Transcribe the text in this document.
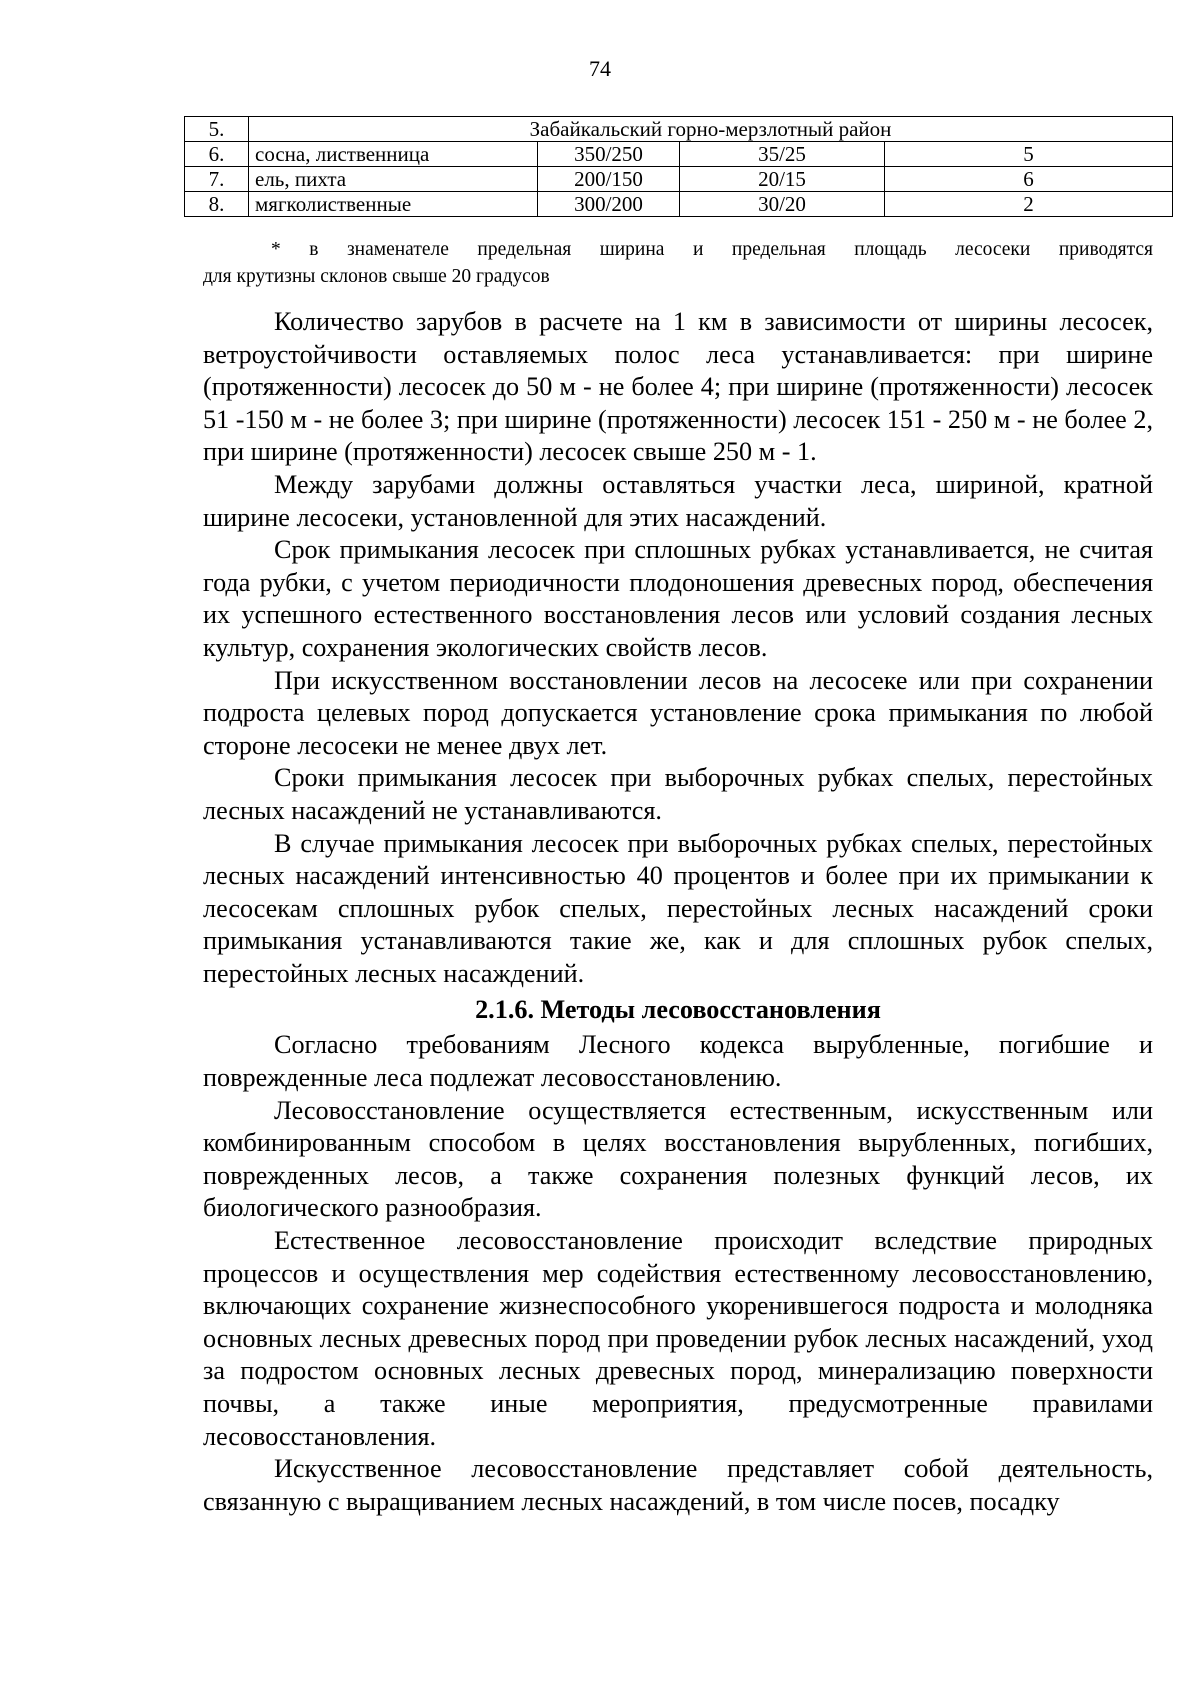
74
5.	Забайкальский горно-мерзлотный район			
6.	сосна, лиственница	350/250	35/25	5
7.	ель, пихта	200/150	20/15	6
8.	мягколиственные	300/200	30/20	2
* в знаменателе предельная ширина и предельная площадь лесосеки приводятся
для крутизны склонов свыше 20 градусов

Количество зарубов в расчете на 1 км в зависимости от ширины лесосек, ветроустойчивости оставляемых полос леса устанавливается: при ширине (протяженности) лесосек до 50 м - не более 4; при ширине (протяженности) лесосек 51 -150 м - не более 3; при ширине (протяженности) лесосек 151 - 250 м - не более 2, при ширине (протяженности) лесосек свыше 250 м - 1.

Между зарубами должны оставляться участки леса, шириной, кратной ширине лесосеки, установленной для этих насаждений.

Срок примыкания лесосек при сплошных рубках устанавливается, не считая года рубки, с учетом периодичности плодоношения древесных пород, обеспечения их успешного естественного восстановления лесов или условий создания лесных культур, сохранения экологических свойств лесов.

При искусственном восстановлении лесов на лесосеке или при сохранении подроста целевых пород допускается установление срока примыкания по любой стороне лесосеки не менее двух лет.

Сроки примыкания лесосек при выборочных рубках спелых, перестойных лесных насаждений не устанавливаются.

В случае примыкания лесосек при выборочных рубках спелых, перестойных лесных насаждений интенсивностью 40 процентов и более при их примыкании к лесосекам сплошных рубок спелых, перестойных лесных насаждений сроки примыкания устанавливаются такие же, как и для сплошных рубок спелых, перестойных лесных насаждений.

2.1.6. Методы лесовосстановления

Согласно требованиям Лесного кодекса вырубленные, погибшие и поврежденные леса подлежат лесовосстановлению.

Лесовосстановление осуществляется естественным, искусственным или комбинированным способом в целях восстановления вырубленных, погибших, поврежденных лесов, а также сохранения полезных функций лесов, их биологического разнообразия.

Естественное лесовосстановление происходит вследствие природных процессов и осуществления мер содействия естественному лесовосстановлению, включающих сохранение жизнеспособного укоренившегося подроста и молодняка основных лесных древесных пород при проведении рубок лесных насаждений, уход за подростом основных лесных древесных пород, минерализацию поверхности почвы, а также иные мероприятия, предусмотренные правилами лесовосстановления.

Искусственное лесовосстановление представляет собой деятельность, связанную с выращиванием лесных насаждений, в том числе посев, посадку
